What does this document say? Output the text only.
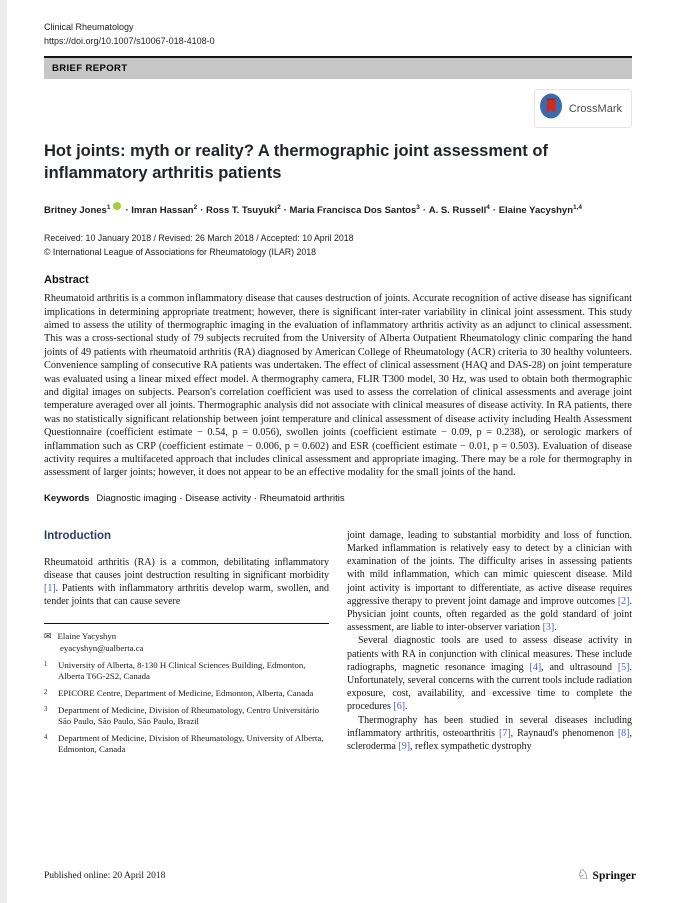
Clinical Rheumatology
https://doi.org/10.1007/s10067-018-4108-0
BRIEF REPORT
CrossMark
Hot joints: myth or reality? A thermographic joint assessment of inflammatory arthritis patients
Britney Jones$^1$ · Imran Hassan$^2$ · Ross T. Tsuyuki$^2$ · Maria Francisca Dos Santos$^3$ · A. S. Russell$^4$ · Elaine Yacyshyn$^{1,4}$
Received: 10 January 2018 / Revised: 26 March 2018 / Accepted: 10 April 2018
© International League of Associations for Rheumatology (ILAR) 2018
Abstract
Rheumatoid arthritis is a common inflammatory disease that causes destruction of joints. Accurate recognition of active disease has significant implications in determining appropriate treatment; however, there is significant inter-rater variability in clinical joint assessment. This study aimed to assess the utility of thermographic imaging in the evaluation of inflammatory arthritis activity as an adjunct to clinical assessment. This was a cross-sectional study of 79 subjects recruited from the University of Alberta Outpatient Rheumatology clinic comparing the hand joints of 49 patients with rheumatoid arthritis (RA) diagnosed by American College of Rheumatology (ACR) criteria to 30 healthy volunteers. Convenience sampling of consecutive RA patients was undertaken. The effect of clinical assessment (HAQ and DAS-28) on joint temperature was evaluated using a linear mixed effect model. A thermography camera, FLIR T300 model, 30 Hz, was used to obtain both thermographic and digital images on subjects. Pearson's correlation coefficient was used to assess the correlation of clinical assessments and average joint temperature averaged over all joints. Thermographic analysis did not associate with clinical measures of disease activity. In RA patients, there was no statistically significant relationship between joint temperature and clinical assessment of disease activity including Health Assessment Questionnaire (coefficient estimate − 0.54, p = 0.056), swollen joints (coefficient estimate − 0.09, p = 0.238), or serologic markers of inflammation such as CRP (coefficient estimate − 0.006, p = 0.602) and ESR (coefficient estimate − 0.01, p = 0.503). Evaluation of disease activity requires a multifaceted approach that includes clinical assessment and appropriate imaging. There may be a role for thermography in assessment of larger joints; however, it does not appear to be an effective modality for the small joints of the hand.
Keywords Diagnostic imaging · Disease activity · Rheumatoid arthritis
Introduction

Rheumatoid arthritis (RA) is a common, debilitating inflammatory disease that causes joint destruction resulting in significant morbidity [1]. Patients with inflammatory arthritis develop warm, swollen, and tender joints that can cause severe

✉ Elaine Yacyshyn
eyacyshyn@ualberta.ca
1	University of Alberta, 8-130 H Clinical Sciences Building, Edmonton, Alberta T6G-2S2, Canada
2	EPICORE Centre, Department of Medicine, Edmonton, Alberta, Canada
3	Department of Medicine, Division of Rheumatology, Centro Universitário São Paulo, São Paulo, São Paulo, Brazil
4	Department of Medicine, Division of Rheumatology, University of Alberta, Edmonton, Canada

joint damage, leading to substantial morbidity and loss of function. Marked inflammation is relatively easy to detect by a clinician with examination of the joints. The difficulty arises in assessing patients with mild inflammation, which can mimic quiescent disease. Mild joint activity is important to differentiate, as active disease requires aggressive therapy to prevent joint damage and improve outcomes [2]. Physician joint counts, often regarded as the gold standard of joint assessment, are liable to inter-observer variation [3].

Several diagnostic tools are used to assess disease activity in patients with RA in conjunction with clinical measures. These include radiographs, magnetic resonance imaging [4], and ultrasound [5]. Unfortunately, several concerns with the current tools include radiation exposure, cost, availability, and excessive time to complete the procedures [6].

Thermography has been studied in several diseases including inflammatory arthritis, osteoarthritis [7], Raynaud's phenomenon [8], scleroderma [9], reflex sympathetic dystrophy

Published online: 20 April 2018	♘ Springer
